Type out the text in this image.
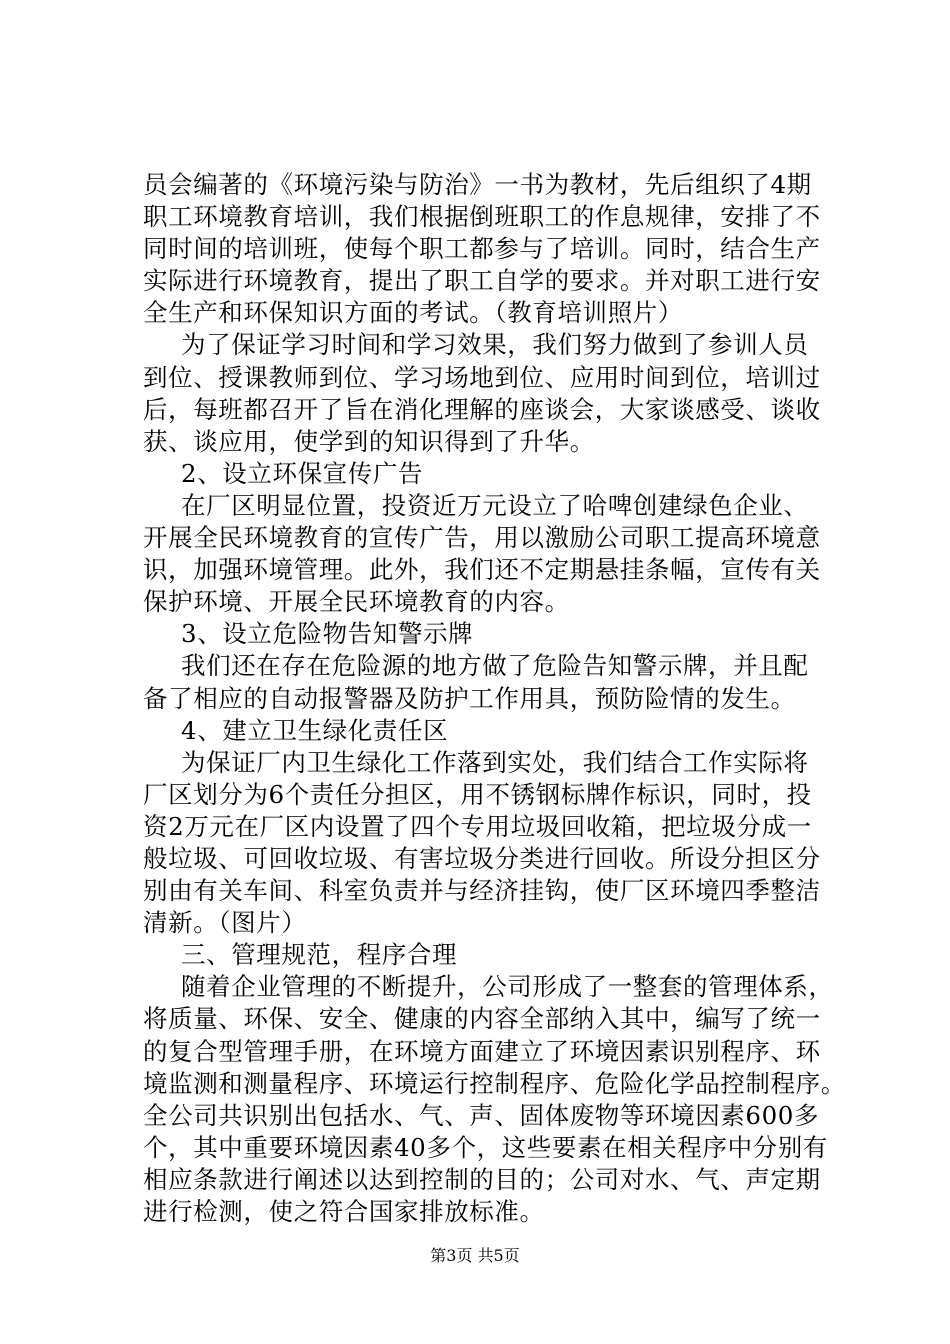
员会编著的《环境污染与防治》一书为教材，先后组织了4期
职工环境教育培训，我们根据倒班职工的作息规律，安排了不
同时间的培训班，使每个职工都参与了培训。同时，结合生产
实际进行环境教育，提出了职工自学的要求。并对职工进行安
全生产和环保知识方面的考试。（教育培训照片）
为了保证学习时间和学习效果，我们努力做到了参训人员
到位、授课教师到位、学习场地到位、应用时间到位，培训过
后，每班都召开了旨在消化理解的座谈会，大家谈感受、谈收
获、谈应用，使学到的知识得到了升华。
2、设立环保宣传广告
在厂区明显位置，投资近万元设立了哈啤创建绿色企业、
开展全民环境教育的宣传广告，用以激励公司职工提高环境意
识，加强环境管理。此外，我们还不定期悬挂条幅，宣传有关
保护环境、开展全民环境教育的内容。
3、设立危险物告知警示牌
我们还在存在危险源的地方做了危险告知警示牌，并且配
备了相应的自动报警器及防护工作用具，预防险情的发生。
4、建立卫生绿化责任区
为保证厂内卫生绿化工作落到实处，我们结合工作实际将
厂区划分为6个责任分担区，用不锈钢标牌作标识，同时，投
资2万元在厂区内设置了四个专用垃圾回收箱，把垃圾分成一
般垃圾、可回收垃圾、有害垃圾分类进行回收。所设分担区分
别由有关车间、科室负责并与经济挂钩，使厂区环境四季整洁
清新。（图片）
三、管理规范，程序合理
随着企业管理的不断提升，公司形成了一整套的管理体系，
将质量、环保、安全、健康的内容全部纳入其中，编写了统一
的复合型管理手册，在环境方面建立了环境因素识别程序、环
境监测和测量程序、环境运行控制程序、危险化学品控制程序。
全公司共识别出包括水、气、声、固体废物等环境因素600多
个，其中重要环境因素40多个，这些要素在相关程序中分别有
相应条款进行阐述以达到控制的目的；公司对水、气、声定期
进行检测，使之符合国家排放标准。
第3页 共5页
